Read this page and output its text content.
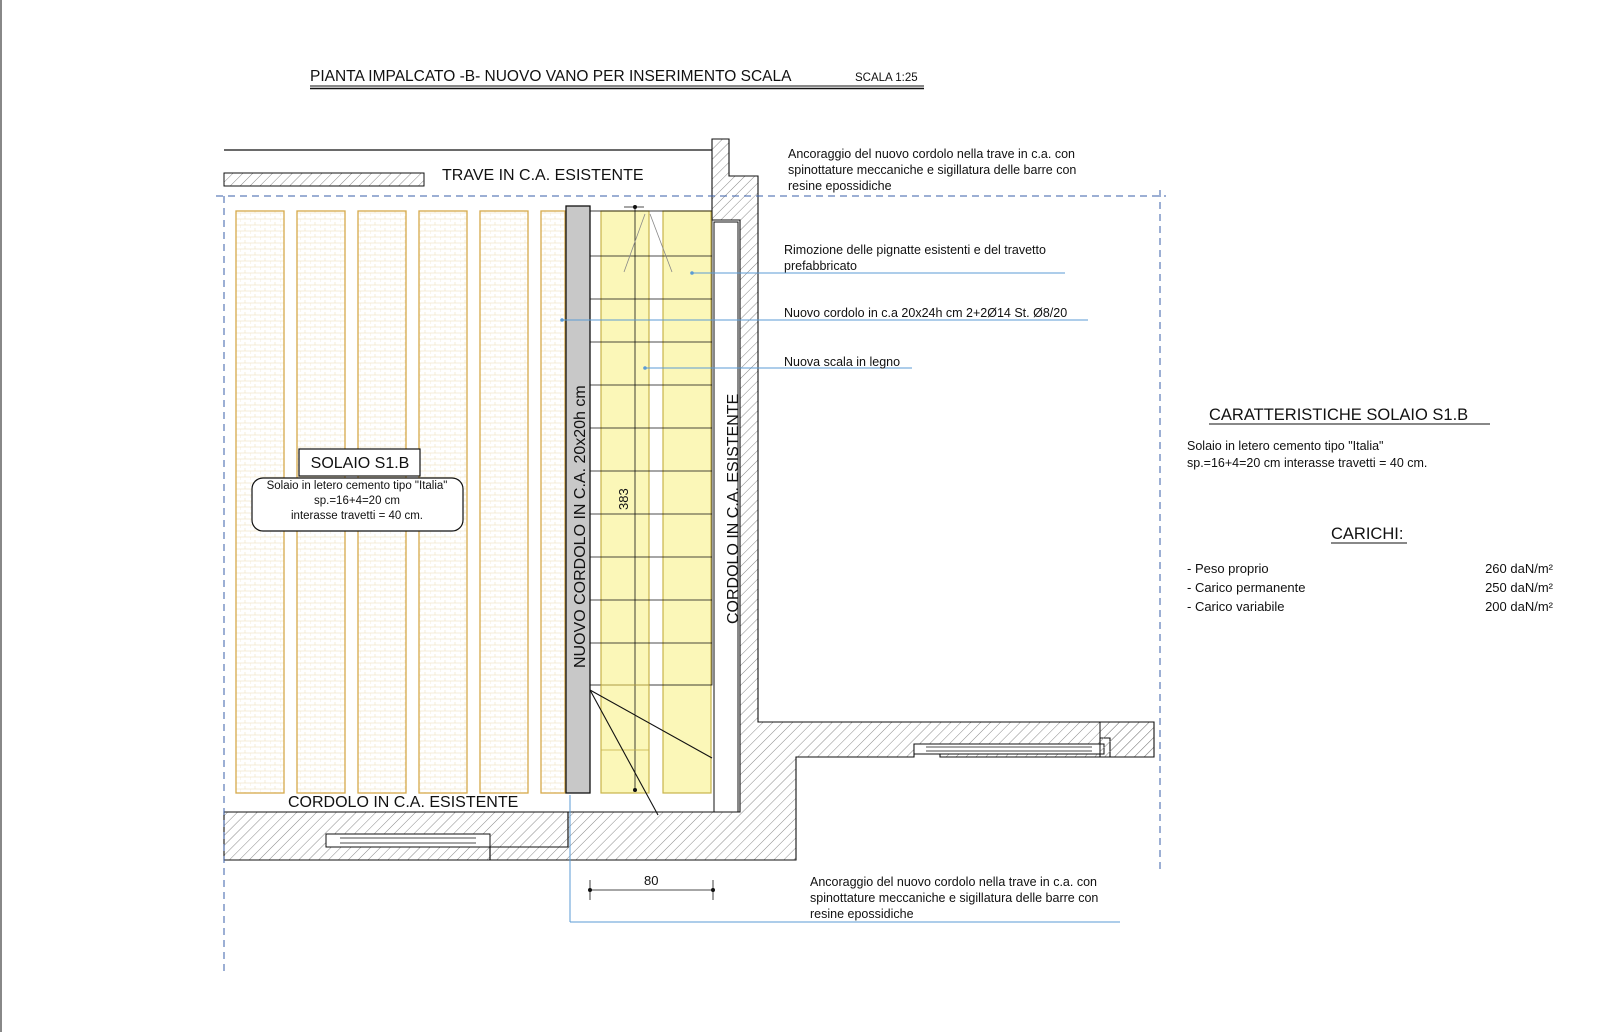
PIANTA IMPALCATO -B- NUOVO VANO PER INSERIMENTO SCALA	SCALA 1:25
TRAVE IN C.A. ESISTENTE
383
NUOVO CORDOLO IN C.A. 20x20h cm	CORDOLO IN C.A. ESISTENTE
CORDOLO IN C.A. ESISTENTE
80
SOLAIO S1.B
Solaio in letero cemento tipo "Italia"
sp.=16+4=20 cm
interasse travetti = 40 cm.
Ancoraggio del nuovo cordolo nella trave in c.a. con
spinottature meccaniche e sigillatura delle barre con
resine epossidiche
Rimozione delle pignatte esistenti e del travetto
prefabbricato
Nuovo cordolo in c.a 20x24h cm 2+2Ø14 St. Ø8/20
Nuova scala in legno
Ancoraggio del nuovo cordolo nella trave in c.a. con
spinottature meccaniche e sigillatura delle barre con
resine epossidiche
CARATTERISTICHE SOLAIO S1.B
Solaio in letero cemento tipo "Italia"
sp.=16+4=20 cm interasse travetti = 40 cm.
CARICHI:
- Peso proprio	260 daN/m²
- Carico permanente	250 daN/m²
- Carico variabile	200 daN/m²
